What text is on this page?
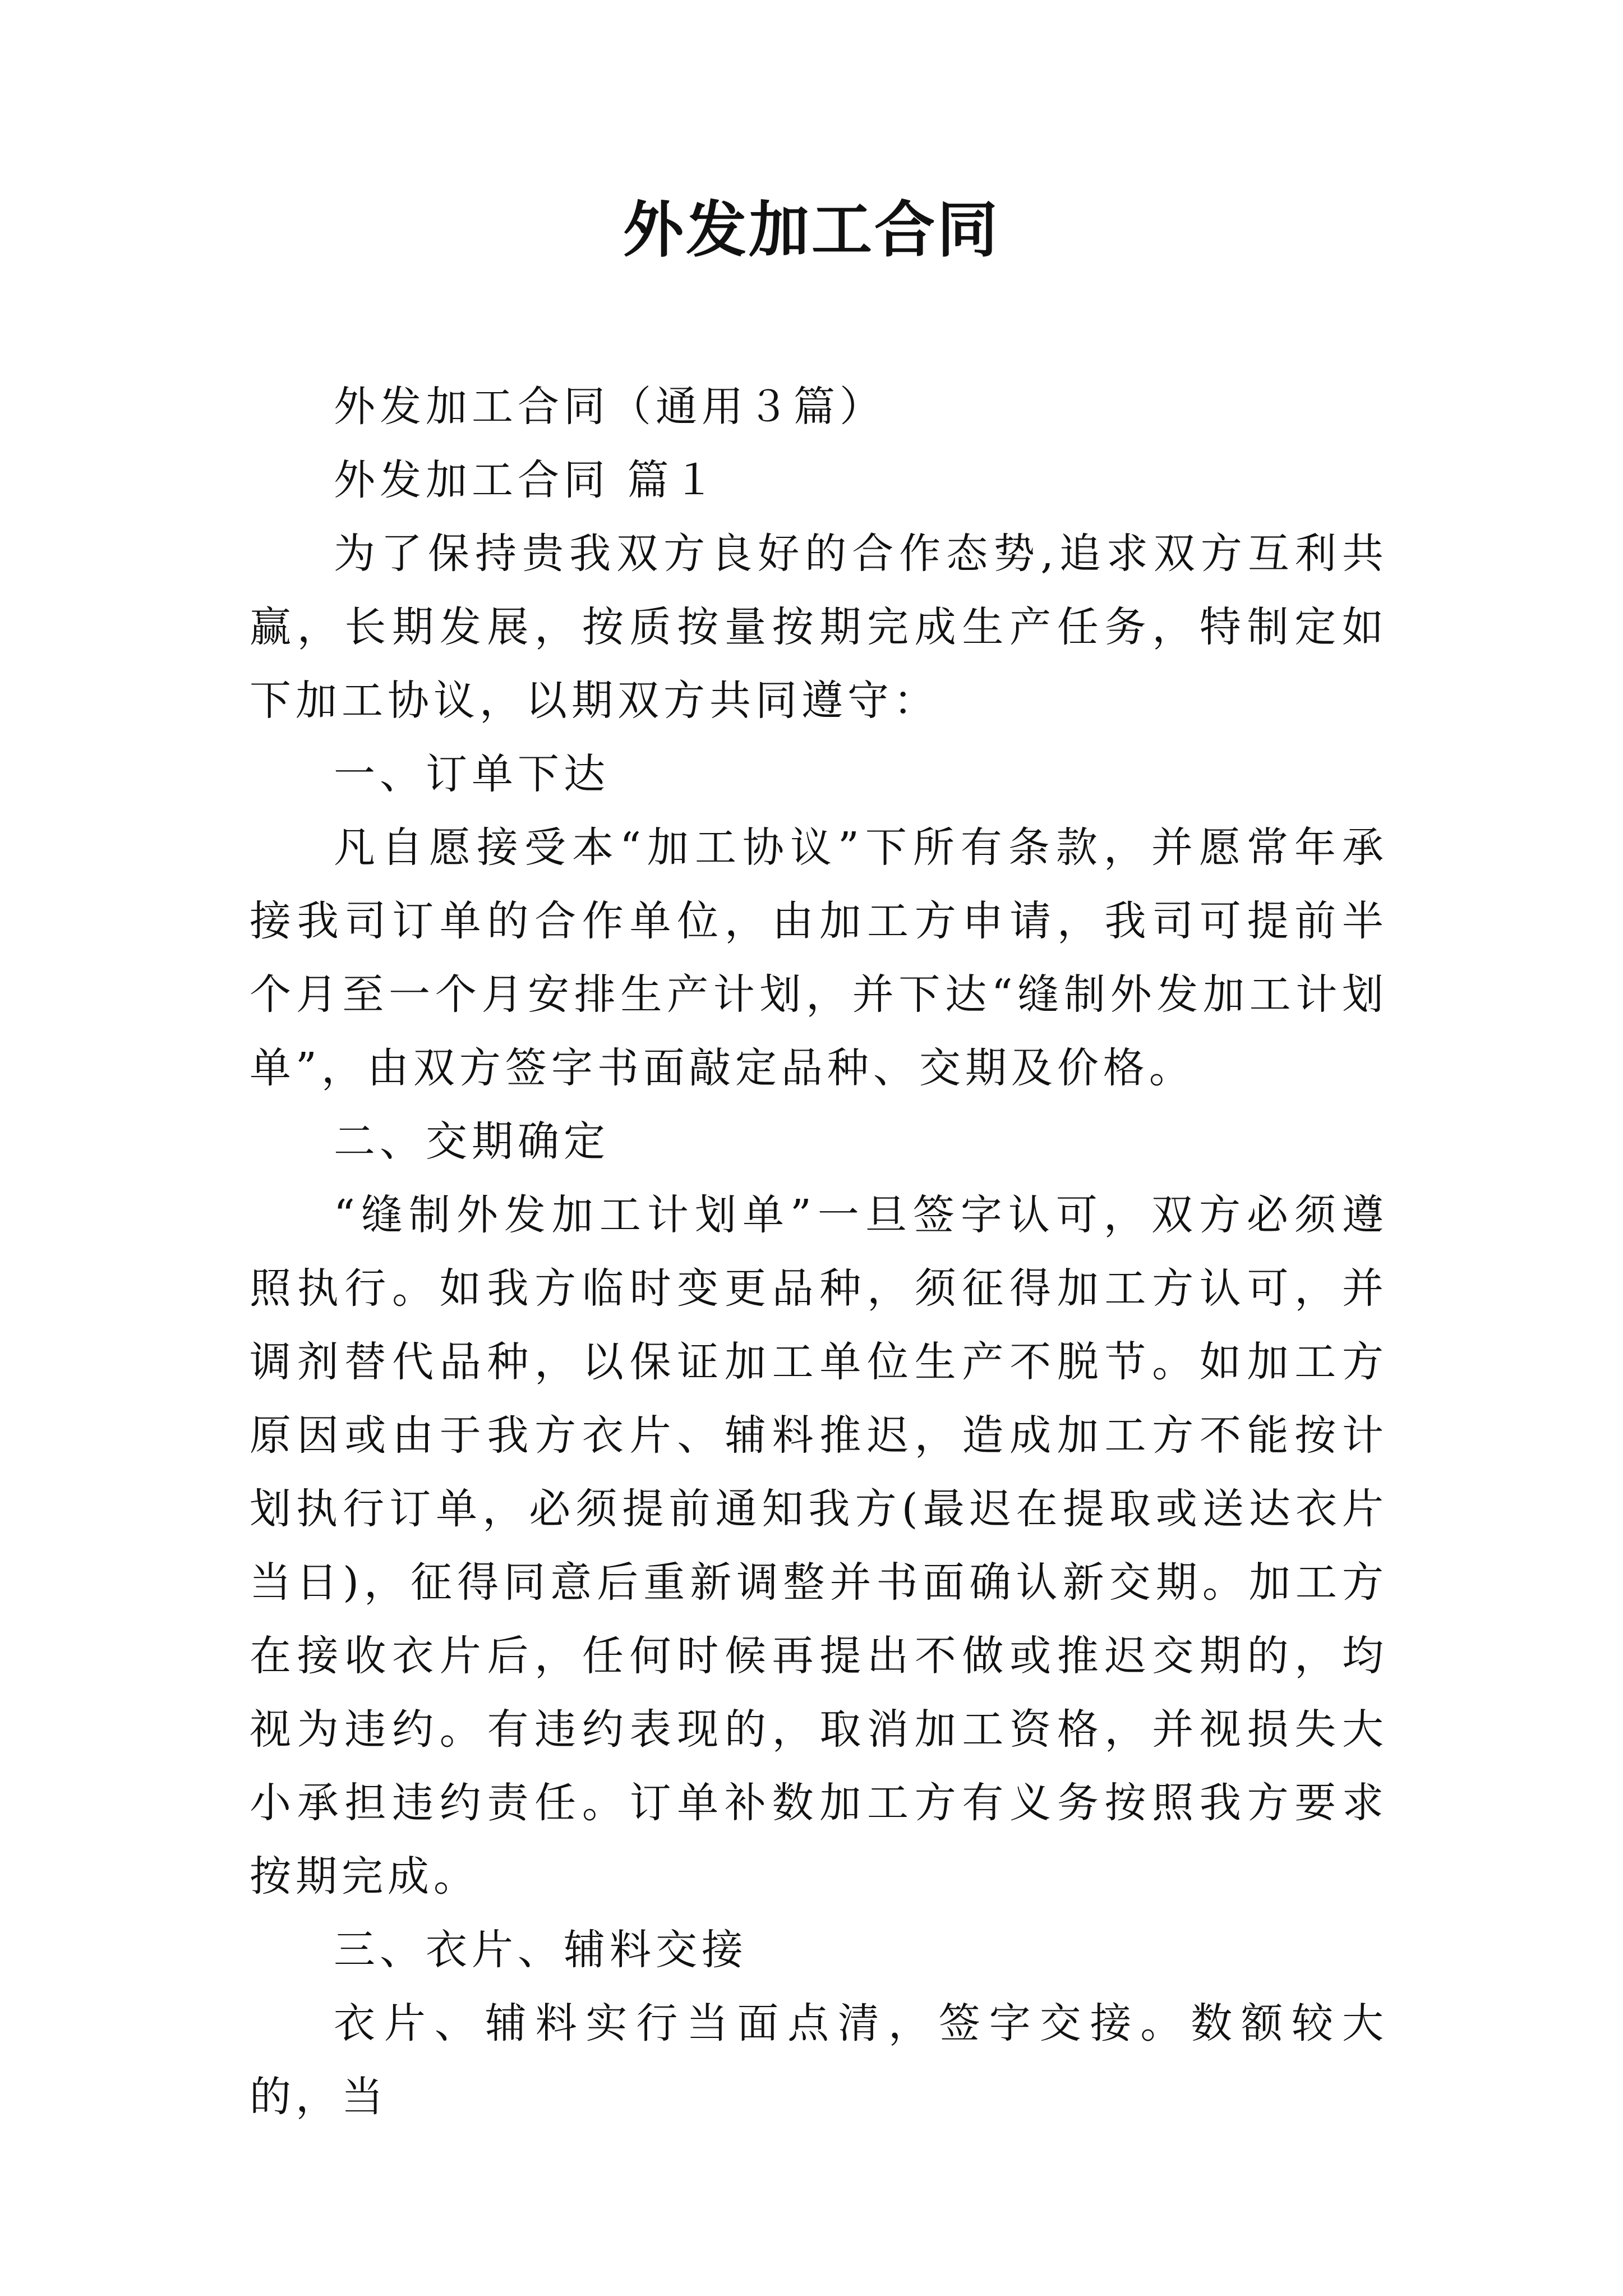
外发加工合同

外发加工合同（通用３篇）

外发加工合同 篇１

为了保持贵我双方良好的合作态势,追求双方互利共赢，长期发展，按质按量按期完成生产任务，特制定如下加工协议，以期双方共同遵守：

一、订单下达

凡自愿接受本“加工协议”下所有条款，并愿常年承接我司订单的合作单位，由加工方申请，我司可提前半个月至一个月安排生产计划，并下达“缝制外发加工计划单”，由双方签字书面敲定品种、交期及价格。

二、交期确定

“缝制外发加工计划单”一旦签字认可，双方必须遵照执行。如我方临时变更品种，须征得加工方认可，并调剂替代品种，以保证加工单位生产不脱节。如加工方原因或由于我方衣片、辅料推迟，造成加工方不能按计划执行订单，必须提前通知我方(最迟在提取或送达衣片当日)，征得同意后重新调整并书面确认新交期。加工方在接收衣片后，任何时候再提出不做或推迟交期的，均视为违约。有违约表现的，取消加工资格，并视损失大小承担违约责任。订单补数加工方有义务按照我方要求按期完成。

三、衣片、辅料交接

衣片、辅料实行当面点清，签字交接。数额较大的，当
